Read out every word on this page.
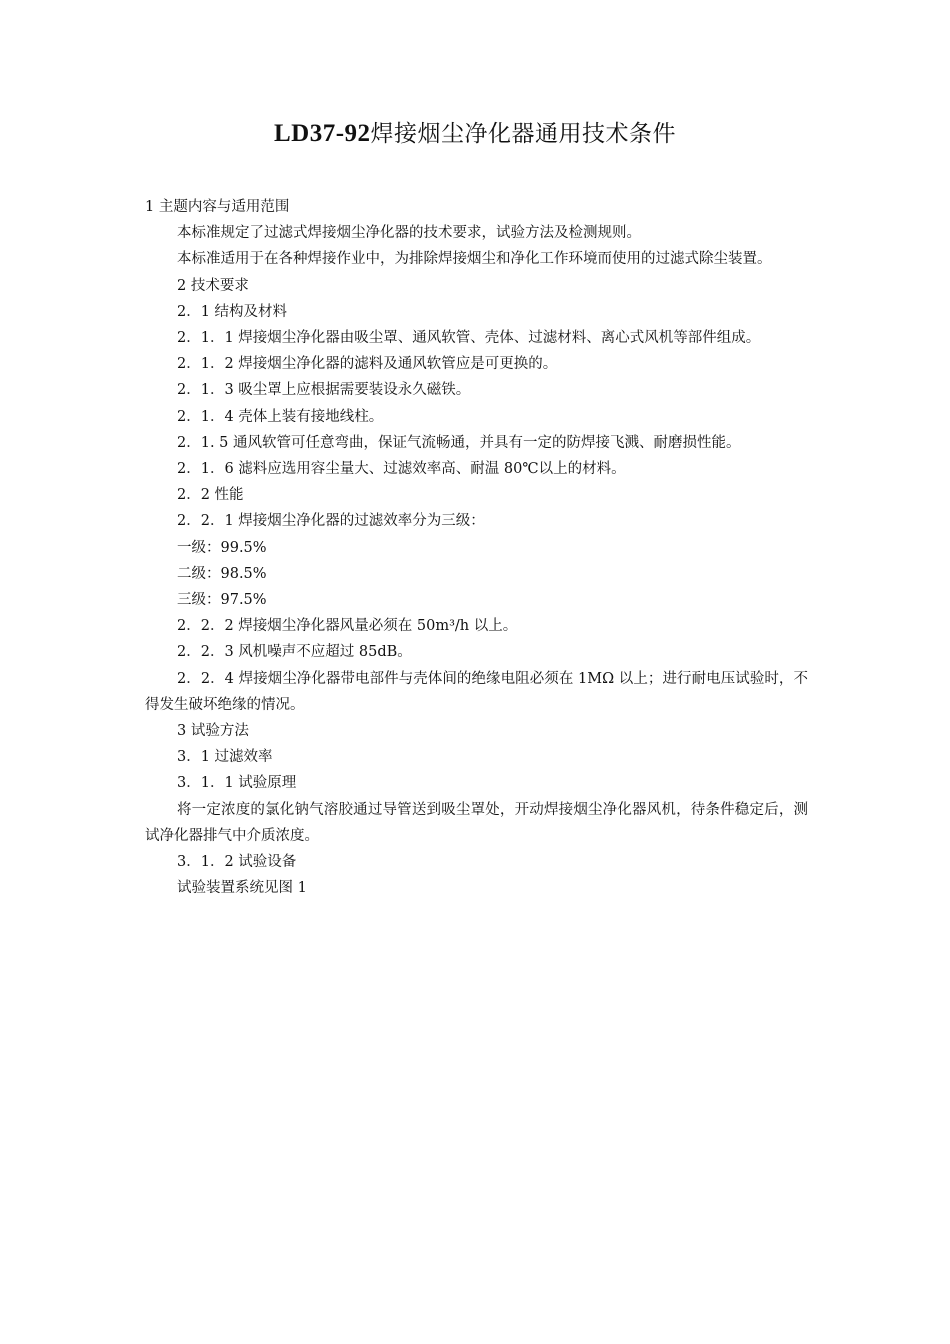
LD37-92焊接烟尘净化器通用技术条件

1 主题内容与适用范围

本标准规定了过滤式焊接烟尘净化器的技术要求，试验方法及检测规则。

本标准适用于在各种焊接作业中，为排除焊接烟尘和净化工作环境而使用的过滤式除尘装置。

2 技术要求

2．1 结构及材料

2．1．1 焊接烟尘净化器由吸尘罩、通风软管、壳体、过滤材料、离心式风机等部件组成。

2．1．2 焊接烟尘净化器的滤料及通风软管应是可更换的。

2．1．3 吸尘罩上应根据需要装设永久磁铁。

2．1．4 壳体上装有接地线柱。

2．1. 5 通风软管可任意弯曲，保证气流畅通，并具有一定的防焊接飞溅、耐磨损性能。

2．1．6 滤料应选用容尘量大、过滤效率高、耐温 80℃以上的材料。

2．2 性能

2．2．1 焊接烟尘净化器的过滤效率分为三级：

一级：99.5%

二级：98.5%

三级：97.5%

2．2．2 焊接烟尘净化器风量必须在 50m³/h 以上。

2．2．3 风机噪声不应超过 85dB。

2．2．4 焊接烟尘净化器带电部件与壳体间的绝缘电阻必须在 1MΩ 以上；进行耐电压试验时，不得发生破坏绝缘的情况。

3 试验方法

3．1 过滤效率

3．1．1 试验原理

将一定浓度的氯化钠气溶胶通过导管送到吸尘罩处，开动焊接烟尘净化器风机，待条件稳定后，测试净化器排气中介质浓度。

3．1．2 试验设备

试验装置系统见图 1
